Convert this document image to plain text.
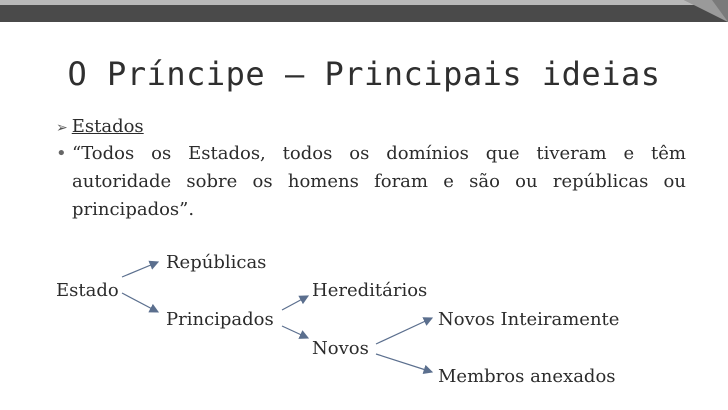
O Príncipe – Principais ideias
➢ Estados
• “Todos os Estados, todos os domínios que tiveram e têm
autoridade sobre os homens foram e são ou repúblicas ou
principados”.
Repúblicas
Estado	Hereditários
Principados	Novos Inteiramente
Novos
Membros anexados
